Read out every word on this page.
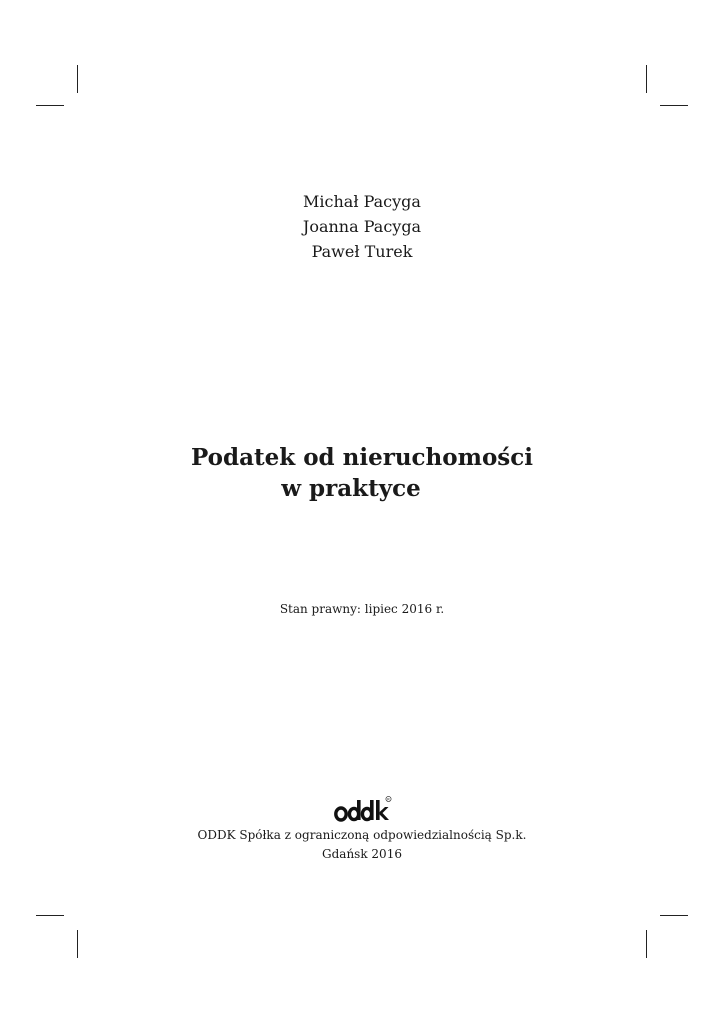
Michał Pacyga
Joanna Pacyga
Paweł Turek
Podatek od nieruchomości
w praktyce
Stan prawny: lipiec 2016 r.
R
ODDK Spółka z ograniczoną odpowiedzialnością Sp.k.
Gdańsk 2016
